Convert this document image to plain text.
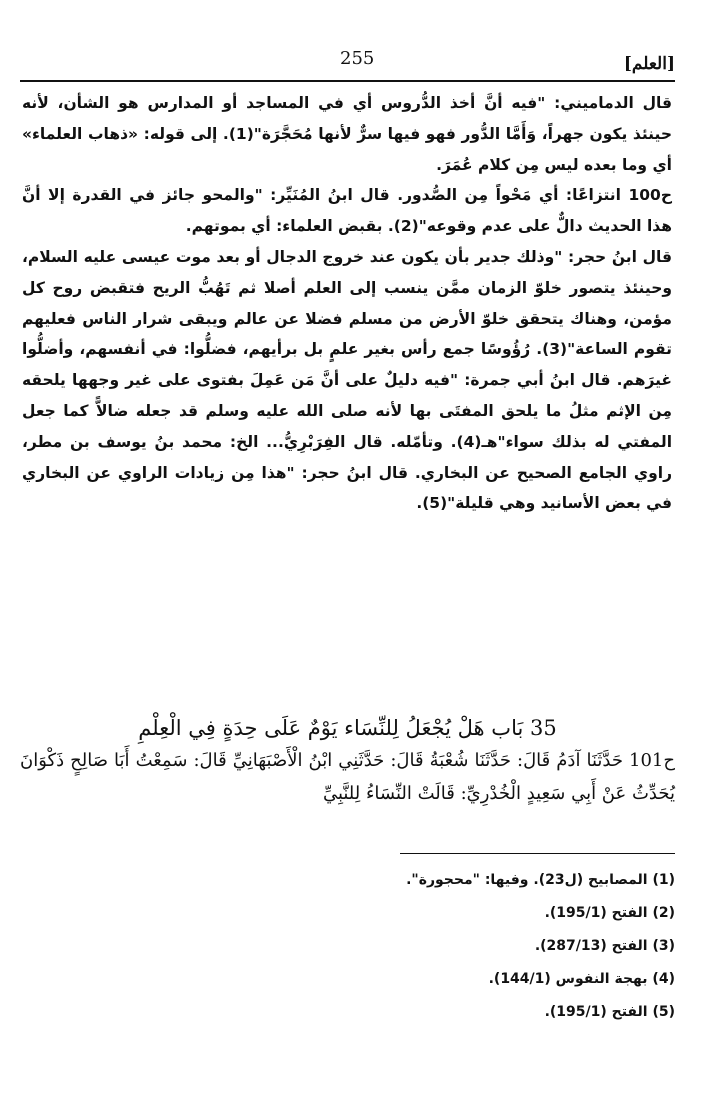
255	[العلم]

قال الدماميني: "فيه أنَّ أخذ الدُّروس أي في المساجد أو المدارس هو الشأن، لأنه حينئذ يكون جهراً، وَأَمَّا الدُّور فهو فيها سرٌّ لأنها مُحَجَّرَة"(1). إلى قوله: «ذهاب العلماء» أي وما بعده ليس مِن كلام عُمَرَ.

ح100 انتزاعًا: أي مَحْواً مِن الصُّدور. قال ابنُ المُنَيِّر: "والمحو جائز في القدرة إلا أنَّ هذا الحديث دالٌّ على عدم وقوعه"(2). بقبض العلماء: أي بموتهم.

قال ابنُ حجر: "وذلك جدير بأن يكون عند خروج الدجال أو بعد موت عيسى عليه السلام، وحينئذ يتصور خلوّ الزمان ممَّن ينسب إلى العلم أصلا ثم تَهُبُّ الريح فتقبض روح كل مؤمن، وهناك يتحقق خلوّ الأرض من مسلم فضلا عن عالم ويبقى شرار الناس فعليهم تقوم الساعة"(3). رُؤُوسًا جمع رأس بغير علمٍ بل برأيهم، فضلُّوا: في أنفسهم، وأضلُّوا غيرَهم. قال ابنُ أبي جمرة: "فيه دليلٌ على أنَّ مَن عَمِلَ بفتوى على غير وجهها يلحقه مِن الإثم مثلُ ما يلحق المفتَى بها لأنه صلى الله عليه وسلم قد جعله ضالاًّ كما جعل المفتي له بذلك سواء"هـ(4). وتأمّله. قال الفِرَبْرِيُّ... الخ: محمد بنُ يوسف بن مطر، راوي الجامع الصحيح عن البخاري. قال ابنُ حجر: "هذا مِن زيادات الراوي عن البخاري في بعض الأسانيد وهي قليلة"(5).

35 بَاب هَلْ يُجْعَلُ لِلنِّسَاء يَوْمٌ عَلَى حِدَةٍ فِي الْعِلْمِ
ح101 حَدَّثَنَا آدَمُ قَالَ: حَدَّثَنَا شُعْبَةُ قَالَ: حَدَّثَنِي ابْنُ الْأَصْبَهَانِيِّ قَالَ: سَمِعْتُ أَبَا صَالِحٍ ذَكْوَانَ يُحَدِّثُ عَنْ أَبِي سَعِيدٍ الْخُدْرِيِّ: قَالَتْ النِّسَاءُ لِلنَّبِيِّ
(1) المصابيح (ل23). وفيها: "محجورة".
(2) الفتح (195/1).
(3) الفتح (287/13).
(4) بهجة النفوس (144/1).
(5) الفتح (195/1).
